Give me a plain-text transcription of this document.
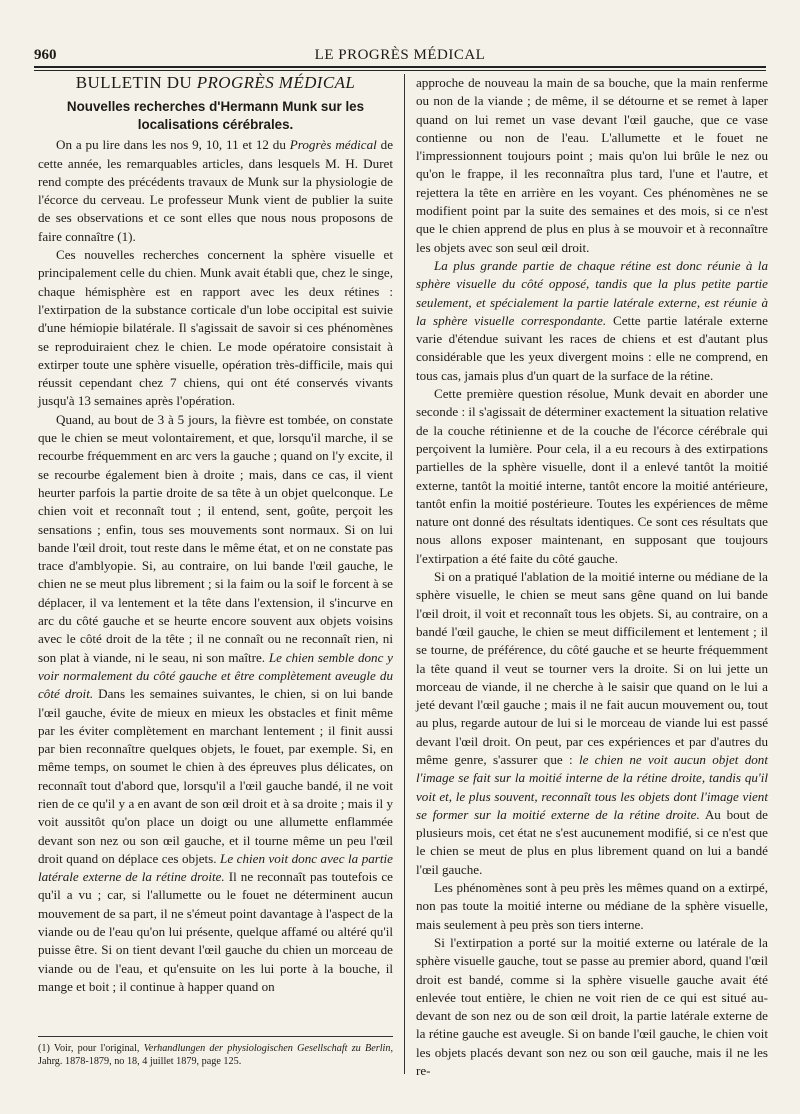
960	LE PROGRÈS MÉDICAL
BULLETIN DU PROGRÈS MÉDICAL
Nouvelles recherches d'Hermann Munk sur les localisations cérébrales.

On a pu lire dans les nos 9, 10, 11 et 12 du Progrès médical de cette année, les remarquables articles, dans lesquels M. H. Duret rend compte des précédents travaux de Munk sur la physiologie de l'écorce du cerveau. Le professeur Munk vient de publier la suite de ses observations et ce sont elles que nous nous proposons de faire connaître (1).

Ces nouvelles recherches concernent la sphère visuelle et principalement celle du chien. Munk avait établi que, chez le singe, chaque hémisphère est en rapport avec les deux rétines : l'extirpation de la substance corticale d'un lobe occipital est suivie d'une hémiopie bilatérale. Il s'agissait de savoir si ces phénomènes se reproduiraient chez le chien. Le mode opératoire consistait à extirper toute une sphère visuelle, opération très-difficile, mais qui réussit cependant chez 7 chiens, qui ont été conservés vivants jusqu'à 13 semaines après l'opération.

Quand, au bout de 3 à 5 jours, la fièvre est tombée, on constate que le chien se meut volontairement, et que, lorsqu'il marche, il se recourbe fréquemment en arc vers la gauche ; quand on l'y excite, il se recourbe également bien à droite ; mais, dans ce cas, il vient heurter parfois la partie droite de sa tête à un objet quelconque. Le chien voit et reconnaît tout ; il entend, sent, goûte, perçoit les sensations ; enfin, tous ses mouvements sont normaux. Si on lui bande l'œil droit, tout reste dans le même état, et on ne constate pas trace d'amblyopie. Si, au contraire, on lui bande l'œil gauche, le chien ne se meut plus librement ; si la faim ou la soif le forcent à se déplacer, il va lentement et la tête dans l'extension, il s'incurve en arc du côté gauche et se heurte encore souvent aux objets voisins avec le côté droit de la tête ; il ne connaît ou ne reconnaît rien, ni son plat à viande, ni le seau, ni son maître. Le chien semble donc y voir normalement du côté gauche et être complètement aveugle du côté droit. Dans les semaines suivantes, le chien, si on lui bande l'œil gauche, évite de mieux en mieux les obstacles et finit même par les éviter complètement en marchant lentement ; il finit aussi par bien reconnaître quelques objets, le fouet, par exemple. Si, en même temps, on soumet le chien à des épreuves plus délicates, on reconnaît tout d'abord que, lorsqu'il a l'œil gauche bandé, il ne voit rien de ce qu'il y a en avant de son œil droit et à sa droite ; mais il y voit aussitôt qu'on place un doigt ou une allumette enflammée devant son nez ou son œil gauche, et il tourne même un peu l'œil droit quand on déplace ces objets. Le chien voit donc avec la partie latérale externe de la rétine droite. Il ne reconnaît pas toutefois ce qu'il a vu ; car, si l'allumette ou le fouet ne déterminent aucun mouvement de sa part, il ne s'émeut point davantage à l'aspect de la viande ou de l'eau qu'on lui présente, quelque affamé ou altéré qu'il puisse être. Si on tient devant l'œil gauche du chien un morceau de viande ou de l'eau, et qu'ensuite on les lui porte à la bouche, il mange et boit ; il continue à happer quand on

(1) Voir, pour l'original, Verhandlungen der physiologischen Gesellschaft zu Berlin, Jahrg. 1878-1879, no 18, 4 juillet 1879, page 125.

approche de nouveau la main de sa bouche, que la main renferme ou non de la viande ; de même, il se détourne et se remet à laper quand on lui remet un vase devant l'œil gauche, que ce vase contienne ou non de l'eau. L'allumette et le fouet ne l'impressionnent toujours point ; mais qu'on lui brûle le nez ou qu'on le frappe, il les reconnaîtra plus tard, l'une et l'autre, et rejettera la tête en arrière en les voyant. Ces phénomènes ne se modifient point par la suite des semaines et des mois, si ce n'est que le chien apprend de plus en plus à se mouvoir et à reconnaître les objets avec son seul œil droit.

La plus grande partie de chaque rétine est donc réunie à la sphère visuelle du côté opposé, tandis que la plus petite partie seulement, et spécialement la partie latérale externe, est réunie à la sphère visuelle correspondante. Cette partie latérale externe varie d'étendue suivant les races de chiens et est d'autant plus considérable que les yeux divergent moins : elle ne comprend, en tous cas, jamais plus d'un quart de la surface de la rétine.

Cette première question résolue, Munk devait en aborder une seconde : il s'agissait de déterminer exactement la situation relative de la couche rétinienne et de la couche de l'écorce cérébrale qui perçoivent la lumière. Pour cela, il a eu recours à des extirpations partielles de la sphère visuelle, dont il a enlevé tantôt la moitié externe, tantôt la moitié interne, tantôt encore la moitié antérieure, tantôt enfin la moitié postérieure. Toutes les expériences de même nature ont donné des résultats identiques. Ce sont ces résultats que nous allons exposer maintenant, en supposant que toujours l'extirpation a été faite du côté gauche.

Si on a pratiqué l'ablation de la moitié interne ou médiane de la sphère visuelle, le chien se meut sans gêne quand on lui bande l'œil droit, il voit et reconnaît tous les objets. Si, au contraire, on a bandé l'œil gauche, le chien se meut difficilement et lentement ; il se tourne, de préférence, du côté gauche et se heurte fréquemment la tête quand il veut se tourner vers la droite. Si on lui jette un morceau de viande, il ne cherche à le saisir que quand on le lui a jeté devant l'œil gauche ; mais il ne fait aucun mouvement ou, tout au plus, regarde autour de lui si le morceau de viande lui est passé devant l'œil droit. On peut, par ces expériences et par d'autres du même genre, s'assurer que : le chien ne voit aucun objet dont l'image se fait sur la moitié interne de la rétine droite, tandis qu'il voit et, le plus souvent, reconnaît tous les objets dont l'image vient se former sur la moitié externe de la rétine droite. Au bout de plusieurs mois, cet état ne s'est aucunement modifié, si ce n'est que le chien se meut de plus en plus librement quand on lui a bandé l'œil gauche.

Les phénomènes sont à peu près les mêmes quand on a extirpé, non pas toute la moitié interne ou médiane de la sphère visuelle, mais seulement à peu près son tiers interne.

Si l'extirpation a porté sur la moitié externe ou latérale de la sphère visuelle gauche, tout se passe au premier abord, quand l'œil droit est bandé, comme si la sphère visuelle gauche avait été enlevée tout entière, le chien ne voit rien de ce qui est situé au-devant de son nez ou de son œil droit, la partie latérale externe de la rétine gauche est aveugle. Si on bande l'œil gauche, le chien voit les objets placés devant son nez ou son œil gauche, mais il ne les re-
